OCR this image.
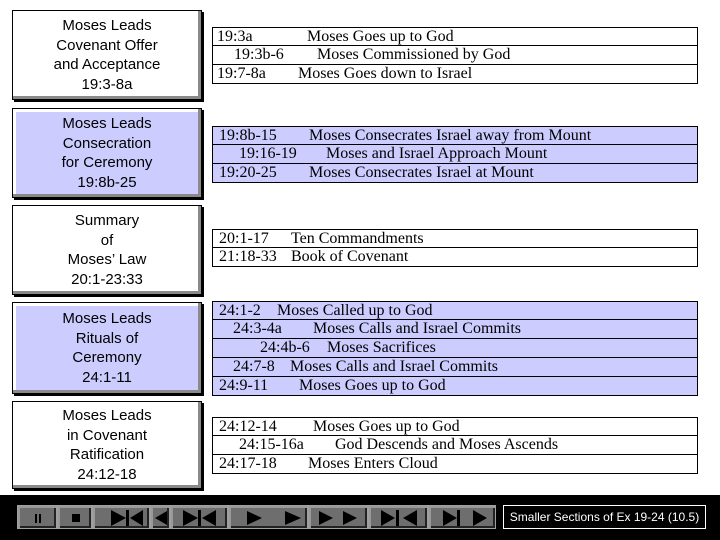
Moses Leads
Covenant Offer
and Acceptance
19:3-8a
Moses Leads
Consecration
for Ceremony
19:8b-25
Summary
of
Moses’ Law
20:1-23:33
Moses Leads
Rituals of
Ceremony
24:1-11
Moses Leads
in Covenant
Ratification
24:12-18
19:3a	Moses Goes up to God
19:3b-6 Moses Commissioned by God
19:7-8a Moses Goes down to Israel
19:8b-15 Moses Consecrates Israel away from Mount
19:16-19 Moses and Israel Approach Mount
19:20-25 Moses Consecrates Israel at Mount
20:1-17 Ten Commandments
21:18-33 Book of Covenant
24:1-2 Moses Called up to God
24:3-4a Moses Calls and Israel Commits
24:4b-6 Moses Sacrifices
24:7-8 Moses Calls and Israel Commits
24:9-11 Moses Goes up to God
24:12-14 Moses Goes up to God
24:15-16a God Descends and Moses Ascends
24:17-18 Moses Enters Cloud
Smaller Sections of Ex 19-24 (10.5)
